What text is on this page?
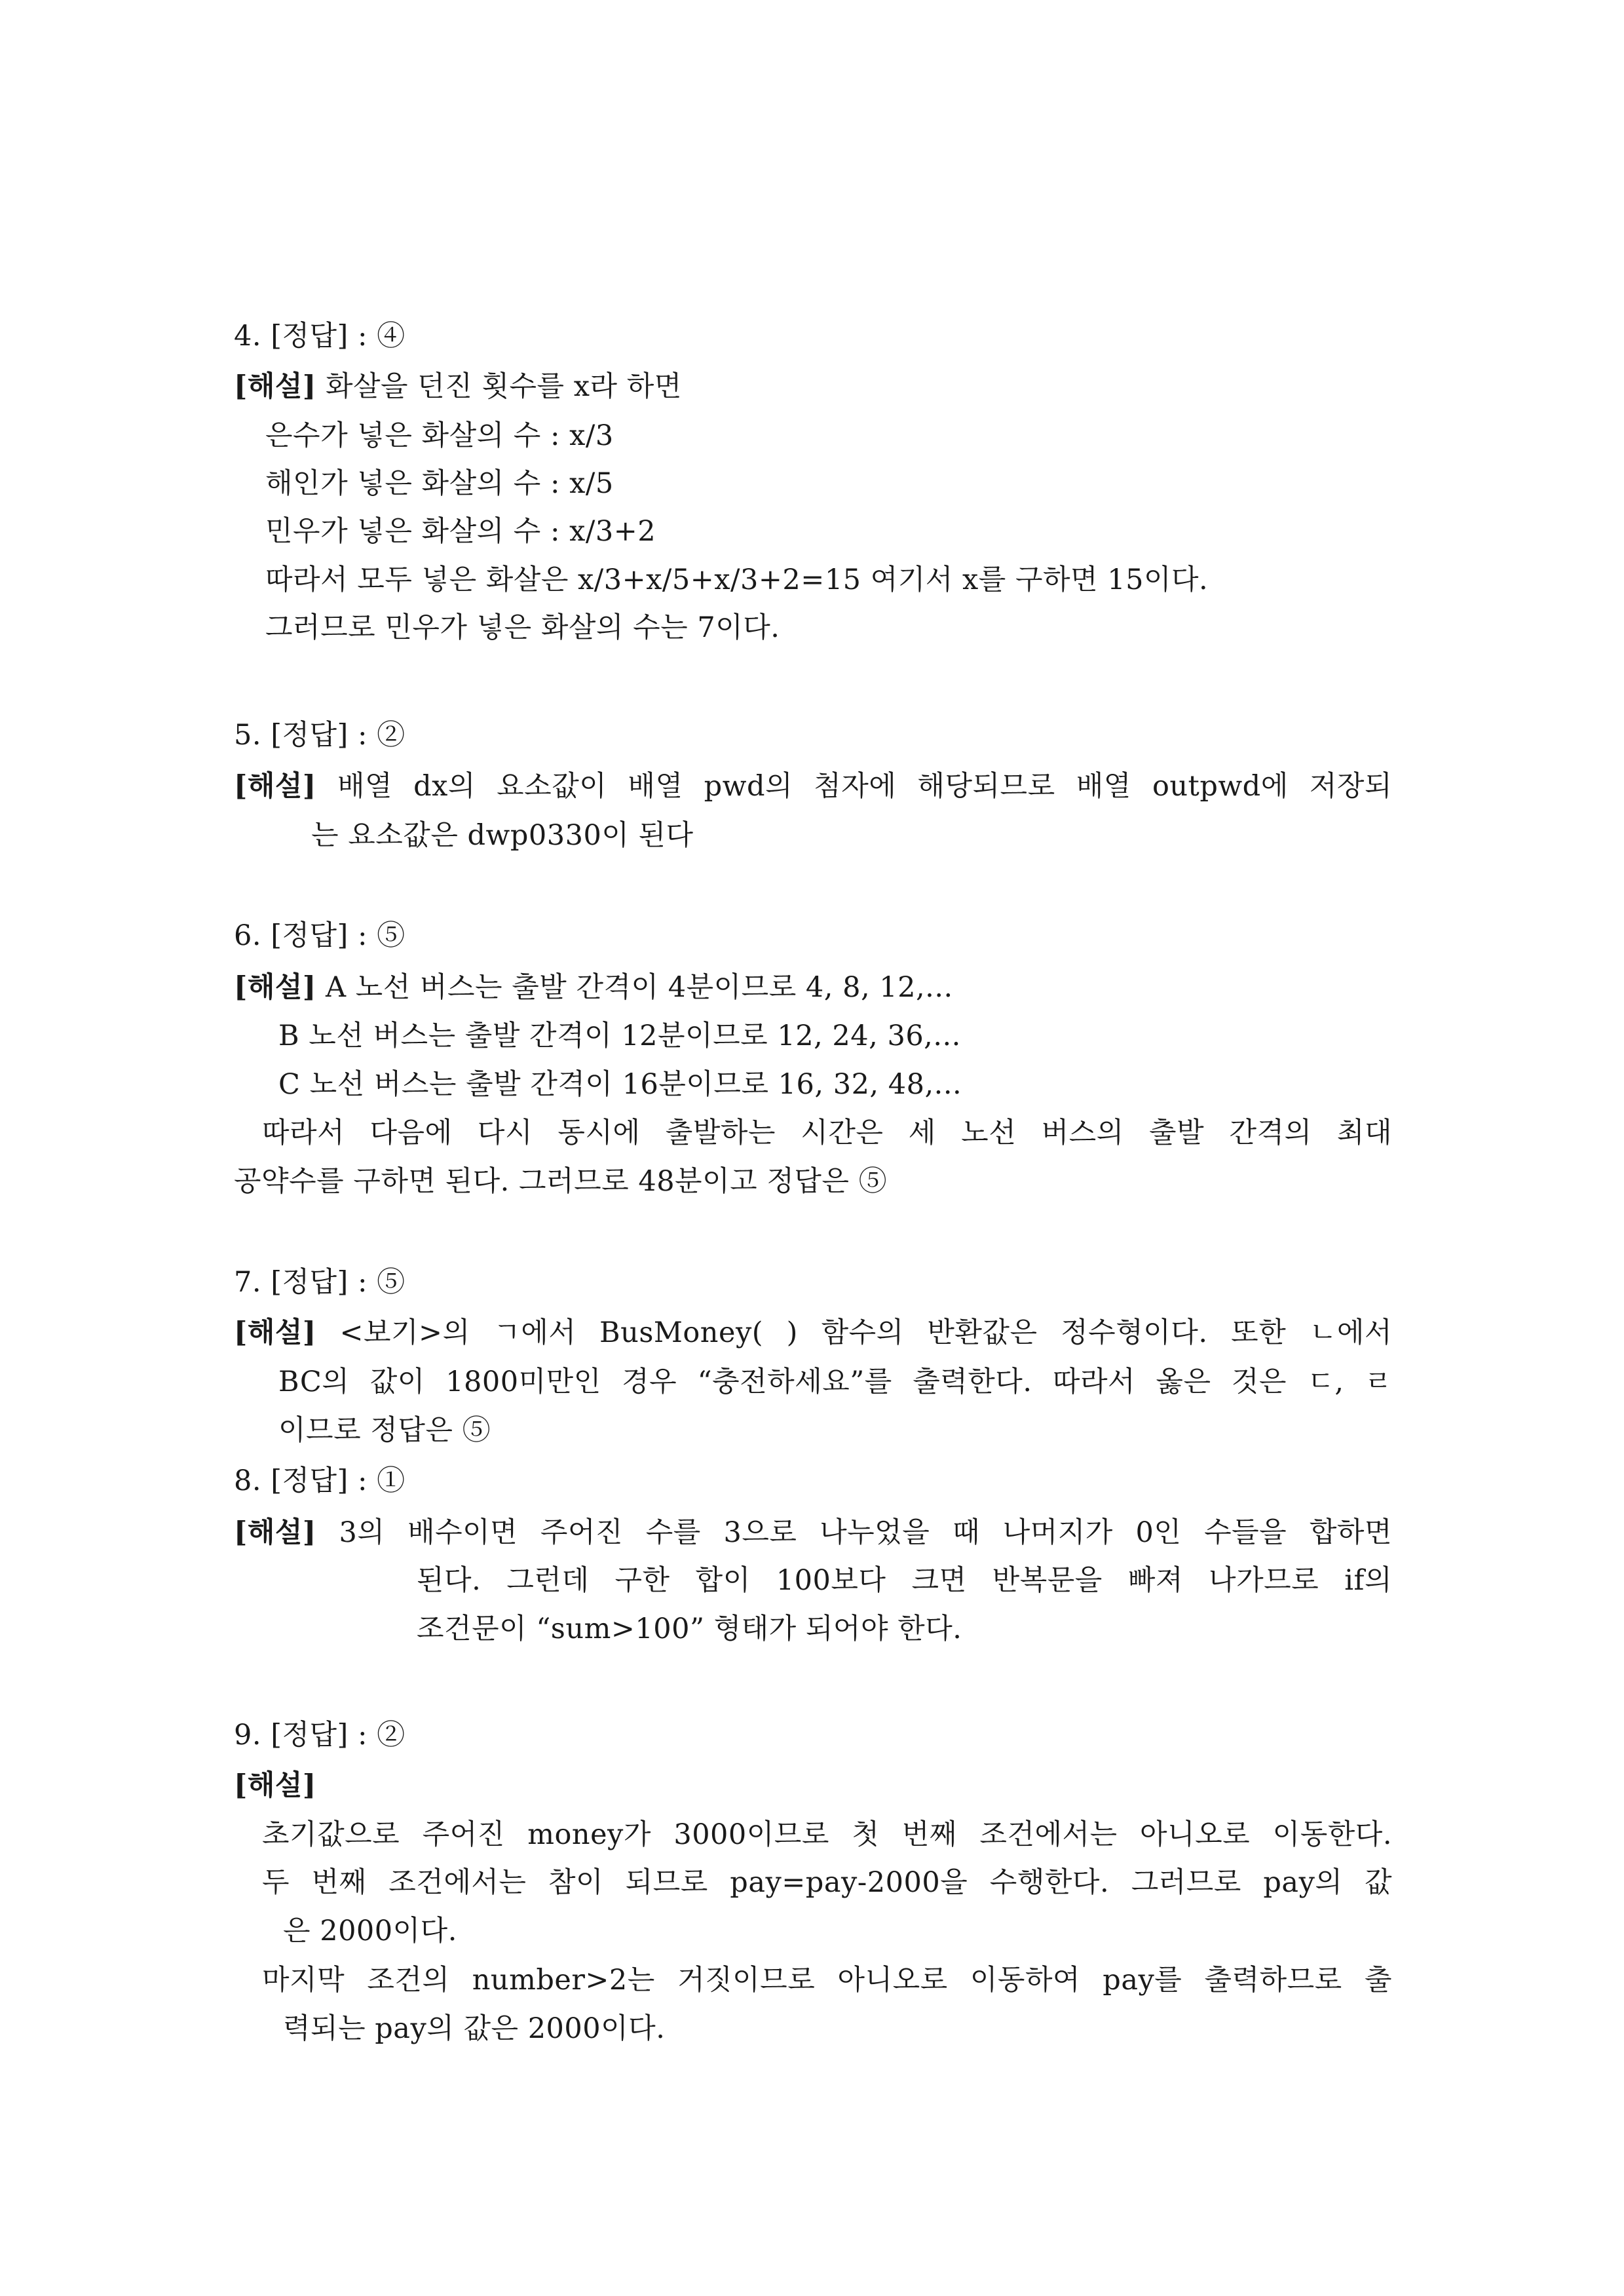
4. [정답] : ④
[해설] 화살을 던진 횟수를 x라 하면
은수가 넣은 화살의 수 : x/3
해인가 넣은 화살의 수 : x/5
민우가 넣은 화살의 수 : x/3+2
따라서 모두 넣은 화살은 x/3+x/5+x/3+2=15 여기서 x를 구하면 15이다.
그러므로 민우가 넣은 화살의 수는 7이다.
5. [정답] : ②
[해설] 배열 dx의 요소값이 배열 pwd의 첨자에 해당되므로 배열 outpwd에 저장되
는 요소값은 dwp0330이 된다
6. [정답] : ⑤
[해설] A 노선 버스는 출발 간격이 4분이므로 4, 8, 12,...
B 노선 버스는 출발 간격이 12분이므로 12, 24, 36,...
C 노선 버스는 출발 간격이 16분이므로 16, 32, 48,...
따라서 다음에 다시 동시에 출발하는 시간은 세 노선 버스의 출발 간격의 최대
공약수를 구하면 된다. 그러므로 48분이고 정답은 ⑤
7. [정답] : ⑤
[해설] <보기>의 ㄱ에서 BusMoney( ) 함수의 반환값은 정수형이다. 또한 ㄴ에서
BC의 값이 1800미만인 경우 “충전하세요”를 출력한다. 따라서 옳은 것은 ㄷ, ㄹ
이므로 정답은 ⑤
8. [정답] : ①
[해설] 3의 배수이면 주어진 수를 3으로 나누었을 때 나머지가 0인 수들을 합하면
된다. 그런데 구한 합이 100보다 크면 반복문을 빠져 나가므로 if의
조건문이 “sum>100” 형태가 되어야 한다.
9. [정답] : ②
[해설]
초기값으로 주어진 money가 3000이므로 첫 번째 조건에서는 아니오로 이동한다.
두 번째 조건에서는 참이 되므로 pay=pay-2000을 수행한다. 그러므로 pay의 값
은 2000이다.
마지막 조건의 number>2는 거짓이므로 아니오로 이동하여 pay를 출력하므로 출
력되는 pay의 값은 2000이다.
